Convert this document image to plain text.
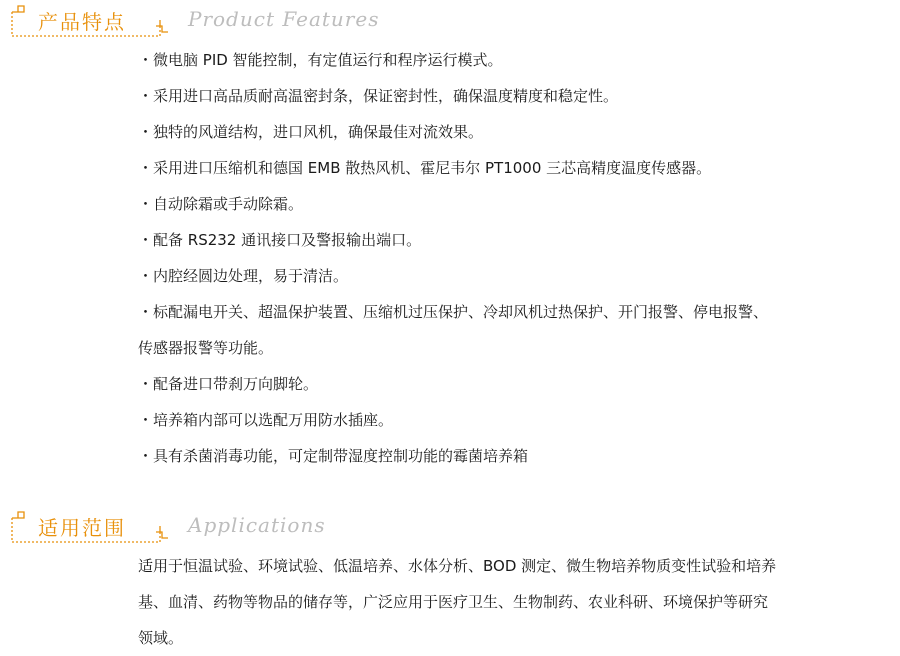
产品特点	Product Features
・微电脑 PID 智能控制，有定值运行和程序运行模式。
・采用进口高品质耐高温密封条，保证密封性，确保温度精度和稳定性。
・独特的风道结构，进口风机，确保最佳对流效果。
・采用进口压缩机和德国 EMB 散热风机、霍尼韦尔 PT1000 三芯高精度温度传感器。
・自动除霜或手动除霜。
・配备 RS232 通讯接口及警报输出端口。
・内腔经圆边处理，易于清洁。
・标配漏电开关、超温保护装置、压缩机过压保护、冷却风机过热保护、开门报警、停电报警、传感器报警等功能。
・配备进口带刹万向脚轮。
・培养箱内部可以选配万用防水插座。
・具有杀菌消毒功能，可定制带湿度控制功能的霉菌培养箱
适用范围	Applications

适用于恒温试验、环境试验、低温培养、水体分析、BOD 测定、微生物培养物质变性试验和培养基、血清、药物等物品的储存等，广泛应用于医疗卫生、生物制药、农业科研、环境保护等研究领域。
